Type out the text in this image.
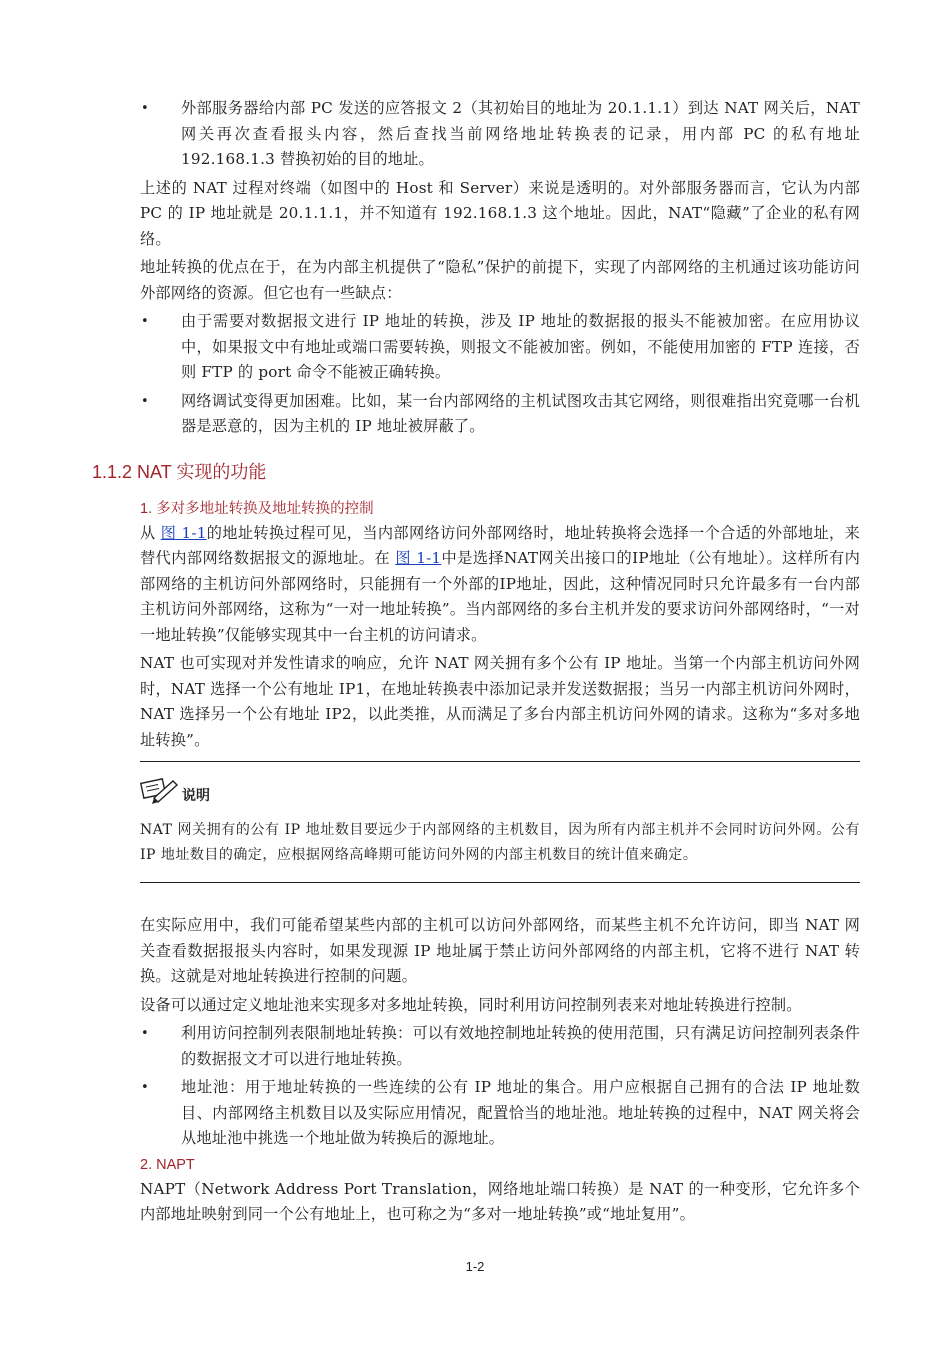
• 外部服务器给内部 PC 发送的应答报文 2（其初始目的地址为 20.1.1.1）到达 NAT 网关后，NAT 网关再次查看报头内容，然后查找当前网络地址转换表的记录，用内部 PC 的私有地址 192.168.1.3 替换初始的目的地址。

上述的 NAT 过程对终端（如图中的 Host 和 Server）来说是透明的。对外部服务器而言，它认为内部 PC 的 IP 地址就是 20.1.1.1，并不知道有 192.168.1.3 这个地址。因此，NAT“隐藏”了企业的私有网络。

地址转换的优点在于，在为内部主机提供了“隐私”保护的前提下，实现了内部网络的主机通过该功能访问外部网络的资源。但它也有一些缺点：

• 由于需要对数据报文进行 IP 地址的转换，涉及 IP 地址的数据报的报头不能被加密。在应用协议中，如果报文中有地址或端口需要转换，则报文不能被加密。例如，不能使用加密的 FTP 连接，否则 FTP 的 port 命令不能被正确转换。

• 网络调试变得更加困难。比如，某一台内部网络的主机试图攻击其它网络，则很难指出究竟哪一台机器是恶意的，因为主机的 IP 地址被屏蔽了。

1.1.2 NAT 实现的功能
1. 多对多地址转换及地址转换的控制

从 图 1-1的地址转换过程可见，当内部网络访问外部网络时，地址转换将会选择一个合适的外部地址，来替代内部网络数据报文的源地址。在 图 1-1中是选择NAT网关出接口的IP地址（公有地址）。这样所有内部网络的主机访问外部网络时，只能拥有一个外部的IP地址，因此，这种情况同时只允许最多有一台内部主机访问外部网络，这称为“一对一地址转换”。当内部网络的多台主机并发的要求访问外部网络时，“一对一地址转换”仅能够实现其中一台主机的访问请求。

NAT 也可实现对并发性请求的响应，允许 NAT 网关拥有多个公有 IP 地址。当第一个内部主机访问外网时，NAT 选择一个公有地址 IP1，在地址转换表中添加记录并发送数据报；当另一内部主机访问外网时，NAT 选择另一个公有地址 IP2，以此类推，从而满足了多台内部主机访问外网的请求。这称为“多对多地址转换”。

说明

NAT 网关拥有的公有 IP 地址数目要远少于内部网络的主机数目，因为所有内部主机并不会同时访问外网。公有 IP 地址数目的确定，应根据网络高峰期可能访问外网的内部主机数目的统计值来确定。

在实际应用中，我们可能希望某些内部的主机可以访问外部网络，而某些主机不允许访问，即当 NAT 网关查看数据报报头内容时，如果发现源 IP 地址属于禁止访问外部网络的内部主机，它将不进行 NAT 转换。这就是对地址转换进行控制的问题。

设备可以通过定义地址池来实现多对多地址转换，同时利用访问控制列表来对地址转换进行控制。

• 利用访问控制列表限制地址转换：可以有效地控制地址转换的使用范围，只有满足访问控制列表条件的数据报文才可以进行地址转换。

• 地址池：用于地址转换的一些连续的公有 IP 地址的集合。用户应根据自己拥有的合法 IP 地址数目、内部网络主机数目以及实际应用情况，配置恰当的地址池。地址转换的过程中，NAT 网关将会从地址池中挑选一个地址做为转换后的源地址。

2. NAPT

NAPT（Network Address Port Translation，网络地址端口转换）是 NAT 的一种变形，它允许多个内部地址映射到同一个公有地址上，也可称之为“多对一地址转换”或“地址复用”。

1-2
